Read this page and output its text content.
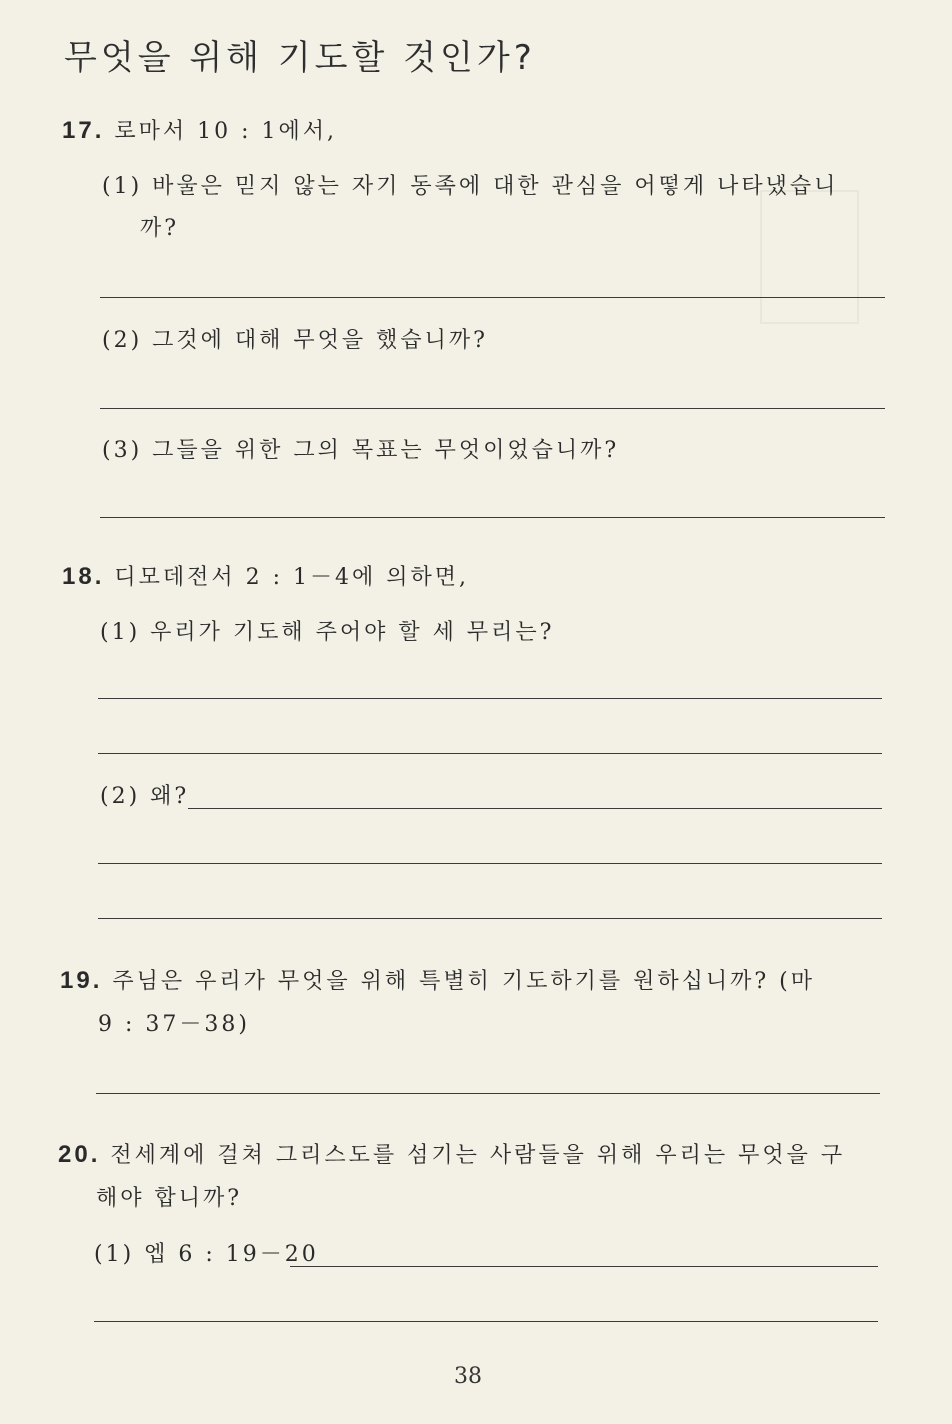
무엇을 위해 기도할 것인가?
17. 로마서 10 : 1에서,
(1) 바울은 믿지 않는 자기 동족에 대한 관심을 어떻게 나타냈습니
까?
(2) 그것에 대해 무엇을 했습니까?
(3) 그들을 위한 그의 목표는 무엇이었습니까?
18. 디모데전서 2 : 1－4에 의하면,
(1) 우리가 기도해 주어야 할 세 무리는?
(2) 왜?
19. 주님은 우리가 무엇을 위해 특별히 기도하기를 원하십니까? (마
9 : 37－38)
20. 전세계에 걸쳐 그리스도를 섬기는 사람들을 위해 우리는 무엇을 구
해야 합니까?
(1) 엡 6 : 19－20
38
